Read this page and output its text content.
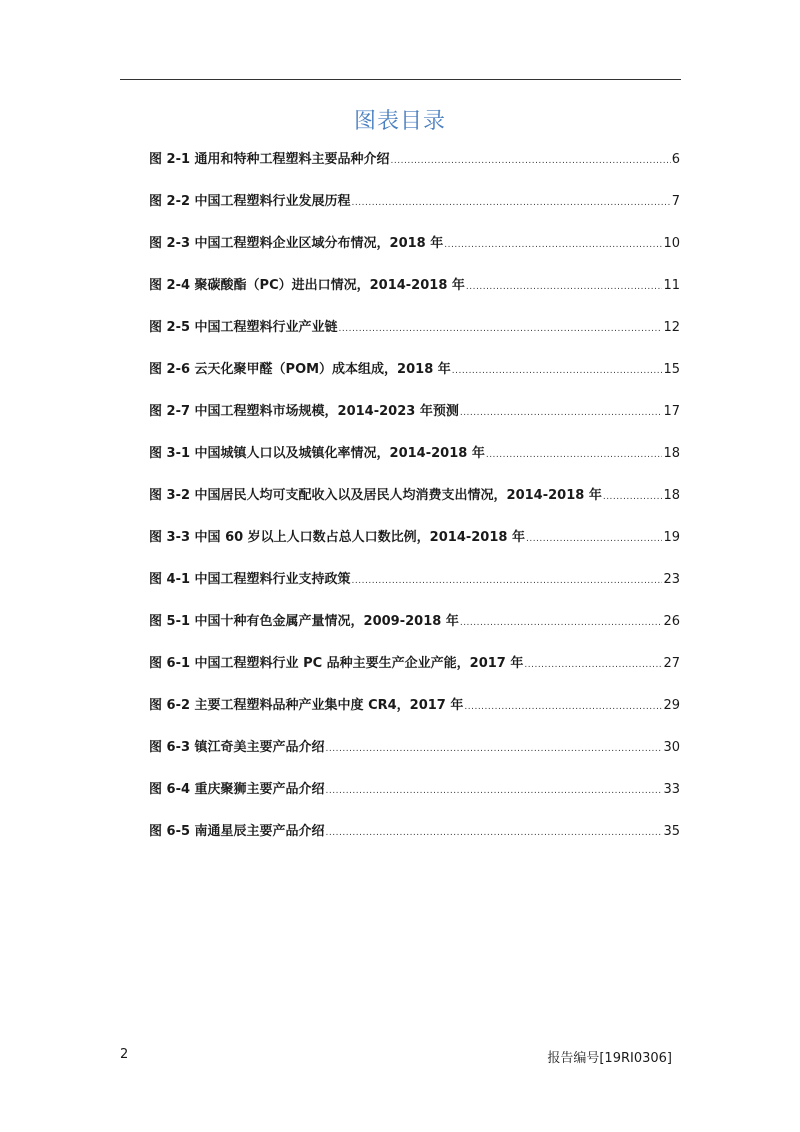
图表目录
图 2-1 通用和特种工程塑料主要品种介绍 .....	6
图 2-2 中国工程塑料行业发展历程 .....	7
图 2-3 中国工程塑料企业区域分布情况，2018 年 .....	10
图 2-4 聚碳酸酯（PC）进出口情况，2014-2018 年 .....	11
图 2-5 中国工程塑料行业产业链 .....	12
图 2-6 云天化聚甲醛（POM）成本组成，2018 年 .....	15
图 2-7 中国工程塑料市场规模，2014-2023 年预测 .....	17
图 3-1 中国城镇人口以及城镇化率情况，2014-2018 年 .....	18
图 3-2 中国居民人均可支配收入以及居民人均消费支出情况，2014-2018 年 .....	18
图 3-3 中国 60 岁以上人口数占总人口数比例，2014-2018 年 .....	19
图 4-1 中国工程塑料行业支持政策 .....	23
图 5-1 中国十种有色金属产量情况，2009-2018 年 .....	26
图 6-1 中国工程塑料行业 PC 品种主要生产企业产能，2017 年 .....	27
图 6-2 主要工程塑料品种产业集中度 CR4，2017 年 .....	29
图 6-3 镇江奇美主要产品介绍 .....	30
图 6-4 重庆聚狮主要产品介绍 .....	33
图 6-5 南通星辰主要产品介绍 .....	35
2	报告编号[19RI0306]
